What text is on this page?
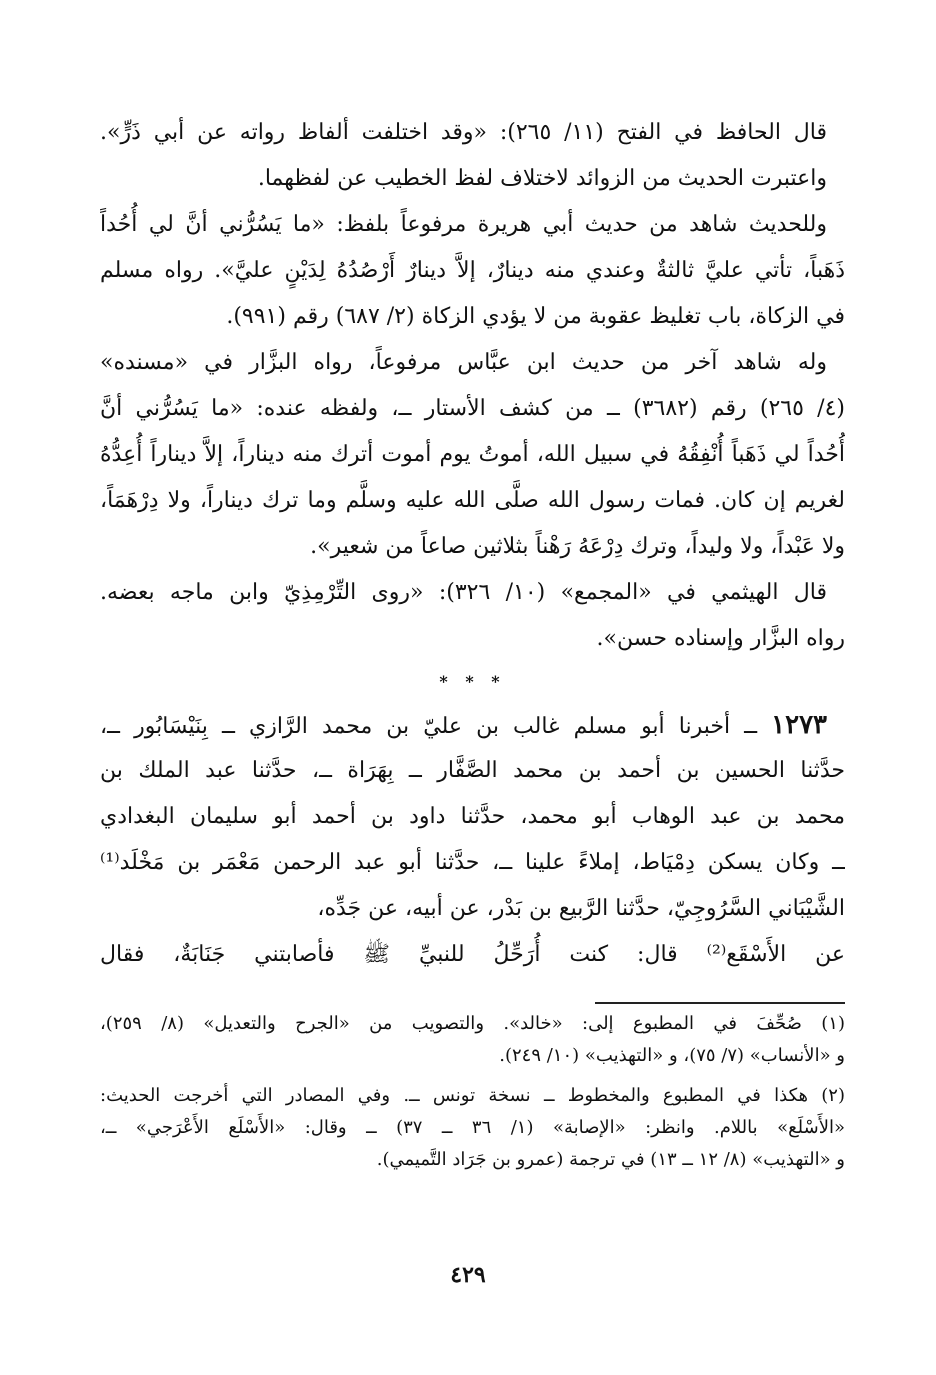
قال الحافظ في الفتح (١١/ ٢٦٥): «وقد اختلفت ألفاظ رواته عن أبي ذَرٍّ».
واعتبرت الحديث من الزوائد لاختلاف لفظ الخطيب عن لفظهما.
وللحديث شاهد من حديث أبي هريرة مرفوعاً بلفظ: «ما يَسُرُّني أنَّ لي أُحُداً
ذَهَباً، تأتي عليَّ ثالثةٌ وعندي منه دينارٌ، إلاَّ دينارٌ أَرْصُدُهُ لِدَيْنٍ عليَّ». رواه مسلم
في الزكاة، باب تغليظ عقوبة من لا يؤدي الزكاة (٢/ ٦٨٧) رقم (٩٩١).
وله شاهد آخر من حديث ابن عبَّاس مرفوعاً، رواه البزَّار في «مسنده»
(٤/ ٢٦٥) رقم (٣٦٨٢) ــ من كشف الأستار ــ، ولفظه عنده: «ما يَسُرُّني أنَّ
أُحُداً لي ذَهَباً أُنْفِقُهُ في سبيل الله، أموتُ يوم أموت أترك منه ديناراً، إلاَّ ديناراً أُعِدُّهُ
لغريم إن كان. فمات رسول الله صلَّى الله عليه وسلَّم وما ترك ديناراً، ولا دِرْهَمَاً،
ولا عَبْداً، ولا وليداً، وترك دِرْعَهُ رَهْناً بثلاثين صاعاً من شعير».
قال الهيثمي في «المجمع» (١٠/ ٣٢٦): «روى التِّرْمِذِيّ وابن ماجه بعضه.
رواه البزَّار وإسناده حسن».
* * *
١٢٧٣ ــ أخبرنا أبو مسلم غالب بن عليّ بن محمد الرَّازي ــ بِنَيْسَابُور ــ،
حدَّثنا الحسين بن أحمد بن محمد الصَّفَّار ــ بِهَرَاة ــ، حدَّثنا عبد الملك بن
محمد بن عبد الوهاب أبو محمد، حدَّثنا داود بن أحمد أبو سليمان البغدادي
ــ وكان يسكن دِمْيَاط، إملاءً علينا ــ، حدَّثنا أبو عبد الرحمن مَعْمَر بن مَخْلَد⁽¹⁾
الشَّيْبَاني السَّرُوجِيّ، حدَّثنا الرَّبيع بن بَدْر، عن أبيه، عن جَدِّه،
عن الأَسْقَع⁽²⁾ قال: كنت أُرَحِّلُ للنبيِّ ﷺ فأصابتني جَنَابَةٌ، فقال
(١) صُحِّفَ في المطبوع إلى: «خالد». والتصويب من «الجرح والتعديل» (٨/ ٢٥٩)،
و «الأنساب» (٧/ ٧٥)، و «التهذيب» (١٠/ ٢٤٩).
(٢) هكذا في المطبوع والمخطوط ــ نسخة تونس ــ. وفي المصادر التي أخرجت الحديث:
«الأَسْلَع» باللام. وانظر: «الإصابة» (١/ ٣٦ ــ ٣٧) ــ وقال: «الأَسْلَع الأَعْرَجي» ــ،
و «التهذيب» (٨/ ١٢ ــ ١٣) في ترجمة (عمرو بن جَرَاد التَّميمي).
٤٢٩
